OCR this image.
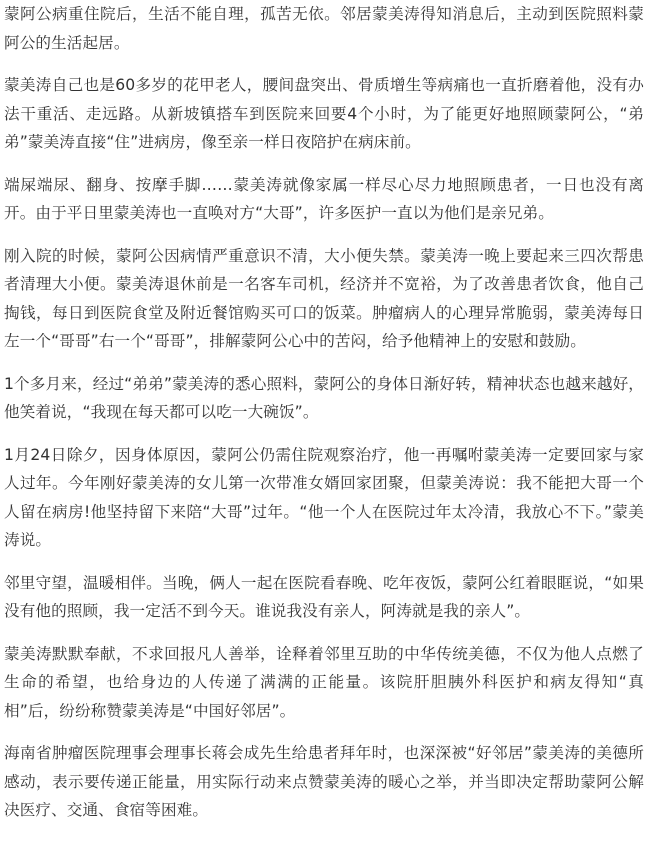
蒙阿公病重住院后，生活不能自理，孤苦无依。邻居蒙美涛得知消息后，主动到医院照料蒙阿公的生活起居。

蒙美涛自己也是60多岁的花甲老人，腰间盘突出、骨质增生等病痛也一直折磨着他，没有办法干重活、走远路。从新坡镇搭车到医院来回要4个小时，为了能更好地照顾蒙阿公，“弟弟”蒙美涛直接“住”进病房，像至亲一样日夜陪护在病床前。

端屎端尿、翻身、按摩手脚……蒙美涛就像家属一样尽心尽力地照顾患者，一日也没有离开。由于平日里蒙美涛也一直唤对方“大哥”，许多医护一直以为他们是亲兄弟。

刚入院的时候，蒙阿公因病情严重意识不清，大小便失禁。蒙美涛一晚上要起来三四次帮患者清理大小便。蒙美涛退休前是一名客车司机，经济并不宽裕，为了改善患者饮食，他自己掏钱，每日到医院食堂及附近餐馆购买可口的饭菜。肿瘤病人的心理异常脆弱，蒙美涛每日左一个“哥哥”右一个“哥哥”，排解蒙阿公心中的苦闷，给予他精神上的安慰和鼓励。

1个多月来，经过“弟弟”蒙美涛的悉心照料，蒙阿公的身体日渐好转，精神状态也越来越好，他笑着说，“我现在每天都可以吃一大碗饭”。

1月24日除夕，因身体原因，蒙阿公仍需住院观察治疗，他一再嘱咐蒙美涛一定要回家与家人过年。今年刚好蒙美涛的女儿第一次带准女婿回家团聚，但蒙美涛说：我不能把大哥一个人留在病房!他坚持留下来陪“大哥”过年。“他一个人在医院过年太冷清，我放心不下。”蒙美涛说。

邻里守望，温暖相伴。当晚，俩人一起在医院看春晚、吃年夜饭，蒙阿公红着眼眶说，“如果没有他的照顾，我一定活不到今天。谁说我没有亲人，阿涛就是我的亲人”。

蒙美涛默默奉献，不求回报凡人善举，诠释着邻里互助的中华传统美德，不仅为他人点燃了生命的希望，也给身边的人传递了满满的正能量。该院肝胆胰外科医护和病友得知“真相”后，纷纷称赞蒙美涛是“中国好邻居”。

海南省肿瘤医院理事会理事长蒋会成先生给患者拜年时，也深深被“好邻居”蒙美涛的美德所感动，表示要传递正能量，用实际行动来点赞蒙美涛的暖心之举，并当即决定帮助蒙阿公解决医疗、交通、食宿等困难。
